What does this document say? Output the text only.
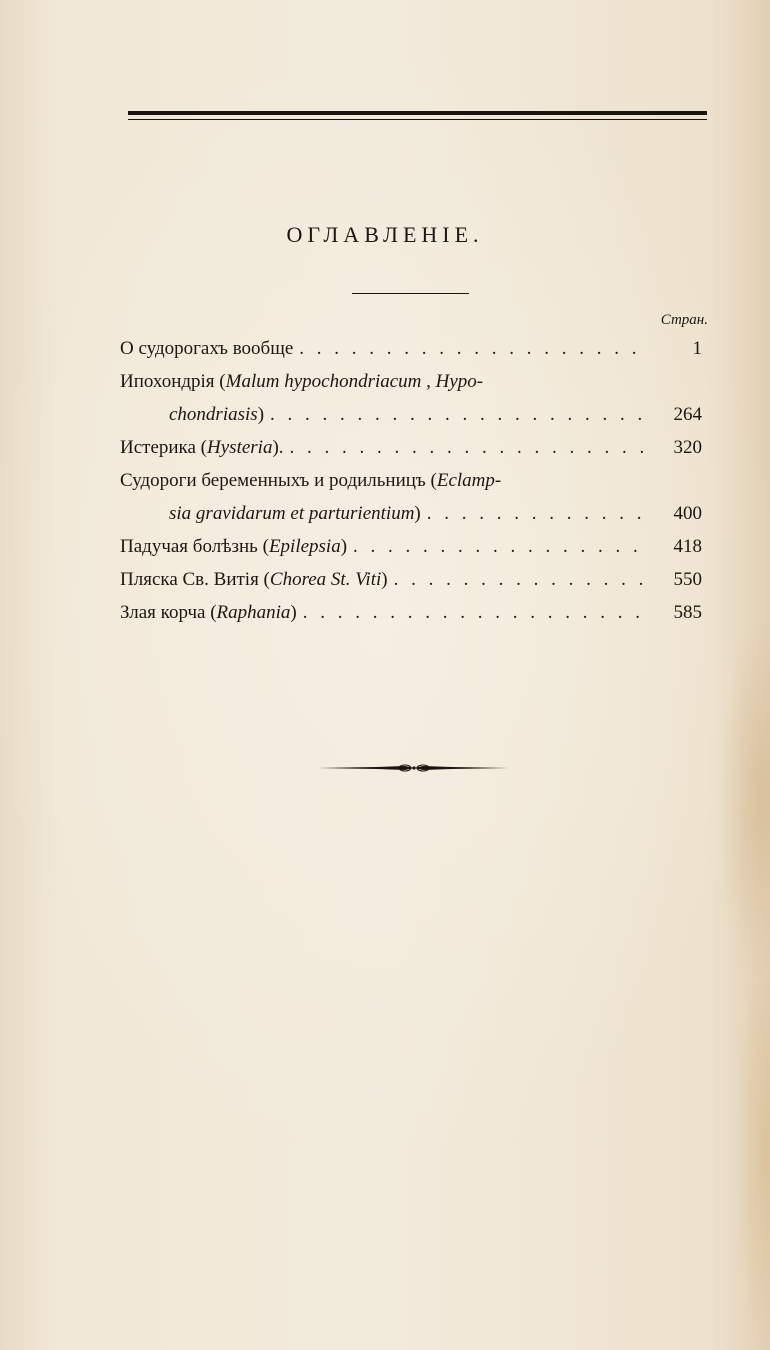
ОГЛАВЛЕНІЕ.
Стран.
О судорогахъ вообще . . .	1
Ипохондрія (Malum hypochondriacum , Hypo-
chondriasis) . . .	264
Истерика (Hysteria). . . .	320
Судороги беременныхъ и родильницъ (Eclamp-
sia gravidarum et parturientium) . . .	400
Падучая болѣзнь (Epilepsia) . . .	418
Пляска Св. Витія (Chorea St. Viti) . . .	550
Злая корча (Raphania) . . .	585
